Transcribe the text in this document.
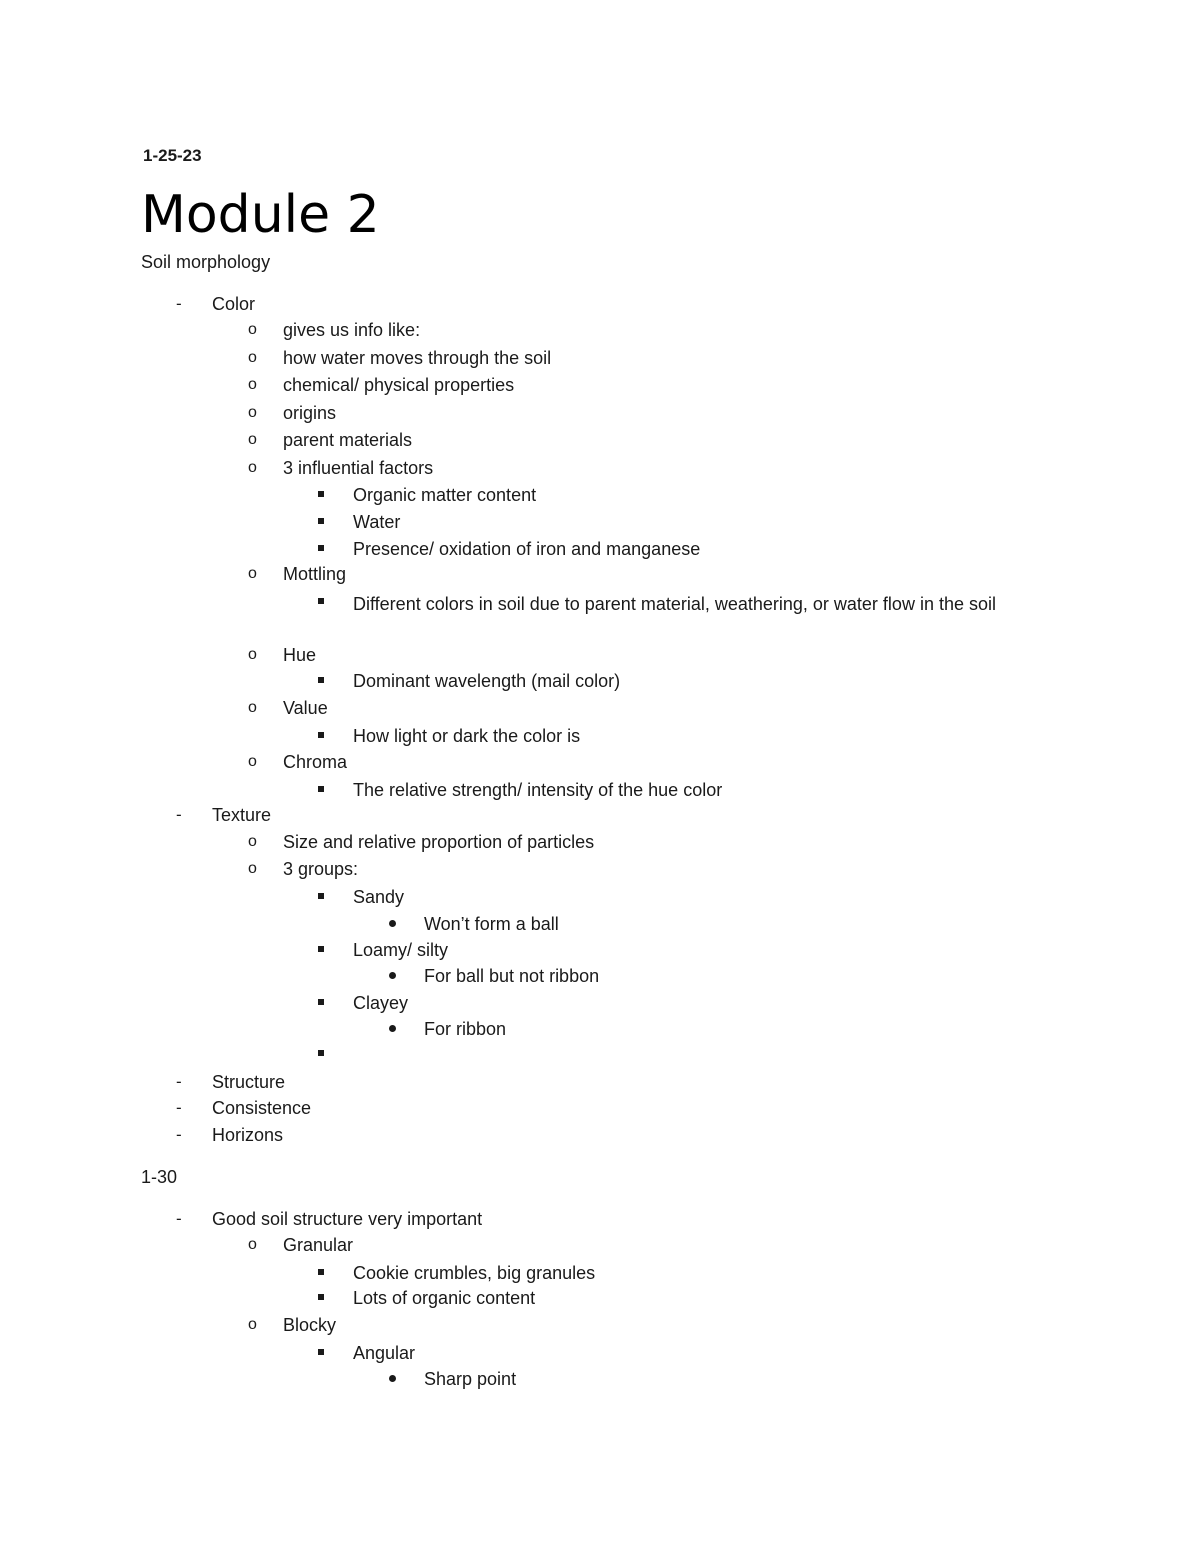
1-25-23
Module 2
Soil morphology
- Color
o gives us info like:
o how water moves through the soil
o chemical/ physical properties
o origins
o parent materials
o 3 influential factors
Organic matter content
Water
Presence/ oxidation of iron and manganese
o Mottling
Different colors in soil due to parent material, weathering, or water flow in the soil
o Hue
Dominant wavelength (mail color)
o Value
How light or dark the color is
o Chroma
The relative strength/ intensity of the hue color
- Texture
o Size and relative proportion of particles
o 3 groups:
Sandy
Won’t form a ball
Loamy/ silty
For ball but not ribbon
Clayey
For ribbon
- Structure
- Consistence
- Horizons
1-30
- Good soil structure very important
o Granular
Cookie crumbles, big granules
Lots of organic content
o Blocky
Angular
Sharp point
